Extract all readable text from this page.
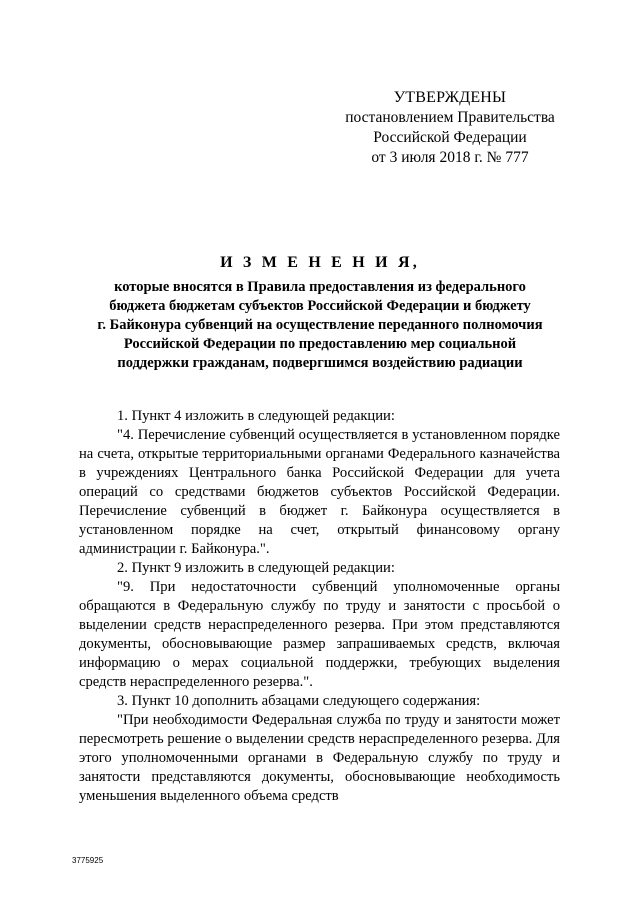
УТВЕРЖДЕНЫ
постановлением Правительства
Российской Федерации
от 3 июля 2018 г. № 777
И З М Е Н Е Н И Я,
которые вносятся в Правила предоставления из федерального
бюджета бюджетам субъектов Российской Федерации и бюджету
г. Байконура субвенций на осуществление переданного полномочия
Российской Федерации по предоставлению мер социальной
поддержки гражданам, подвергшимся воздействию радиации

1. Пункт 4 изложить в следующей редакции:

"4. Перечисление субвенций осуществляется в установленном порядке на счета, открытые территориальными органами Федерального казначейства в учреждениях Центрального банка Российской Федерации для учета операций со средствами бюджетов субъектов Российской Федерации. Перечисление субвенций в бюджет г. Байконура осуществляется в установленном порядке на счет, открытый финансовому органу администрации г. Байконура.".

2. Пункт 9 изложить в следующей редакции:

"9. При недостаточности субвенций уполномоченные органы обращаются в Федеральную службу по труду и занятости с просьбой о выделении средств нераспределенного резерва. При этом представляются документы, обосновывающие размер запрашиваемых средств, включая информацию о мерах социальной поддержки, требующих выделения средств нераспределенного резерва.".

3. Пункт 10 дополнить абзацами следующего содержания:

"При необходимости Федеральная служба по труду и занятости может пересмотреть решение о выделении средств нераспределенного резерва. Для этого уполномоченными органами в Федеральную службу по труду и занятости представляются документы, обосновывающие необходимость уменьшения выделенного объема средств

3775925
